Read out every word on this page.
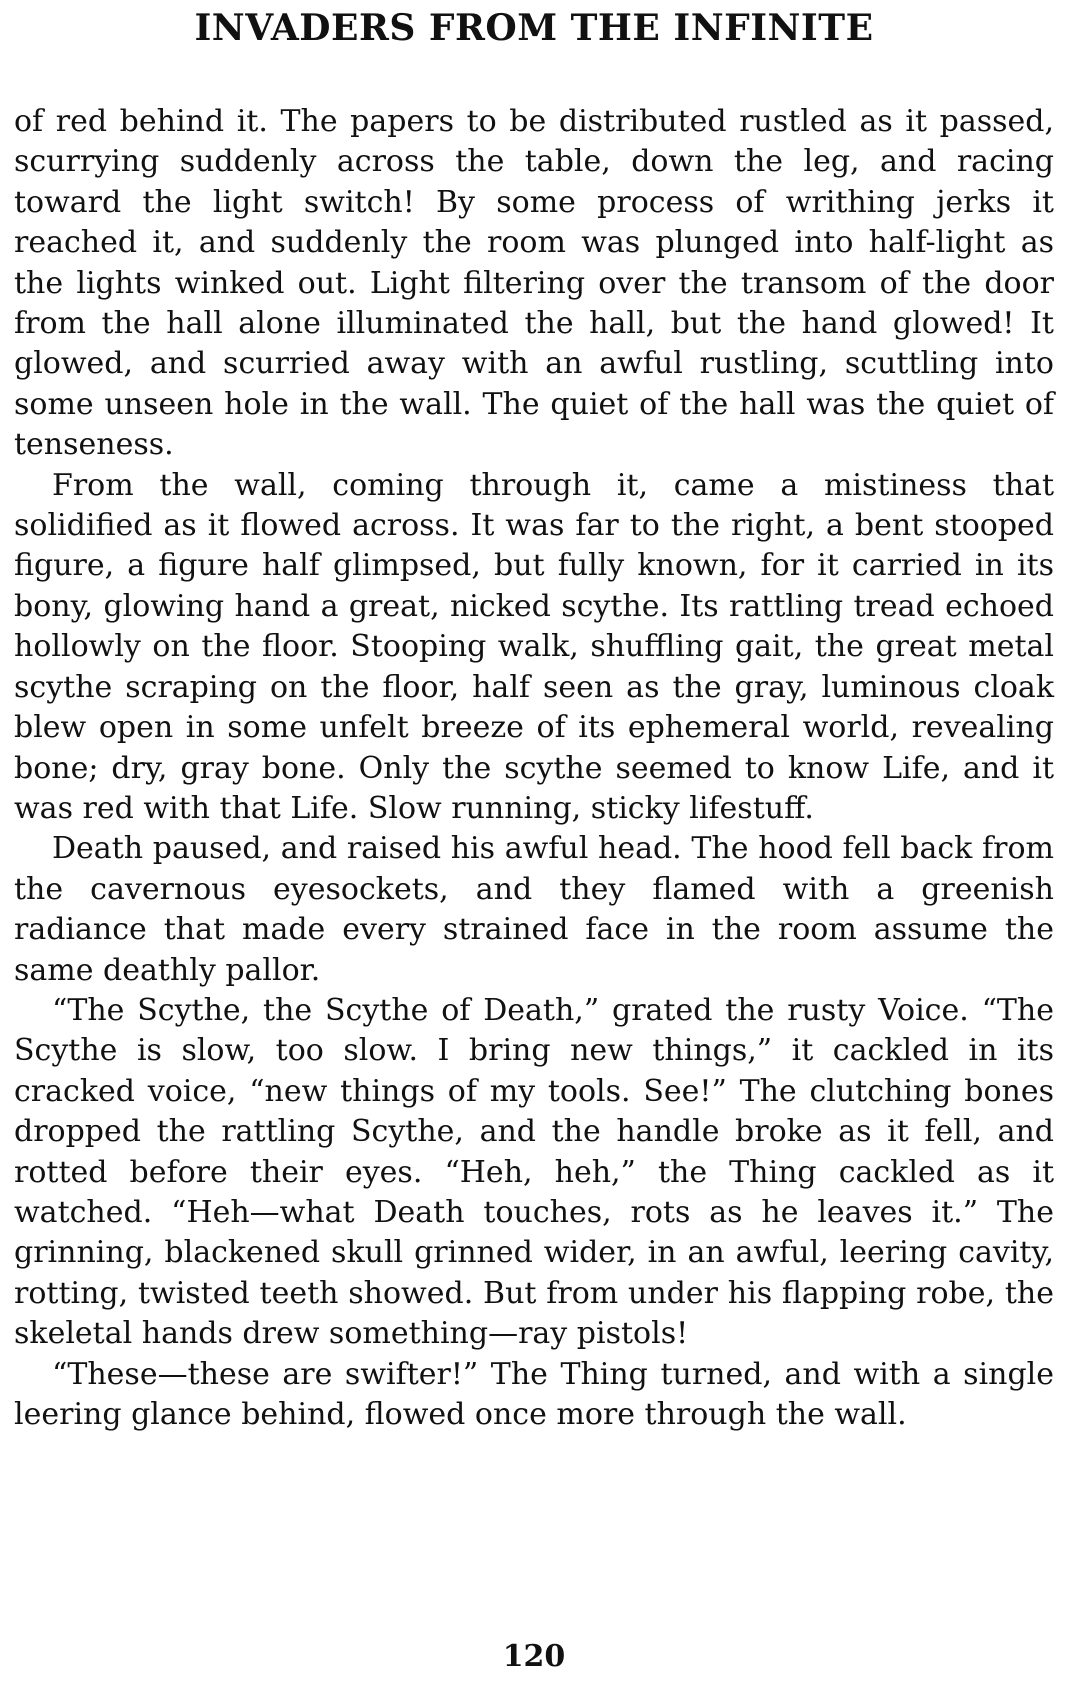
INVADERS FROM THE INFINITE

of red behind it. The papers to be distributed rustled as it passed, scurrying suddenly across the table, down the leg, and racing toward the light switch! By some process of writhing jerks it reached it, and suddenly the room was plunged into half-light as the lights winked out. Light filtering over the transom of the door from the hall alone illuminated the hall, but the hand glowed! It glowed, and scurried away with an awful rustling, scuttling into some unseen hole in the wall. The quiet of the hall was the quiet of tenseness.

From the wall, coming through it, came a mistiness that solidified as it flowed across. It was far to the right, a bent stooped figure, a figure half glimpsed, but fully known, for it carried in its bony, glowing hand a great, nicked scythe. Its rattling tread echoed hollowly on the floor. Stooping walk, shuffling gait, the great metal scythe scraping on the floor, half seen as the gray, luminous cloak blew open in some unfelt breeze of its ephemeral world, revealing bone; dry, gray bone. Only the scythe seemed to know Life, and it was red with that Life. Slow running, sticky lifestuff.

Death paused, and raised his awful head. The hood fell back from the cavernous eyesockets, and they flamed with a greenish radiance that made every strained face in the room assume the same deathly pallor.

“The Scythe, the Scythe of Death,” grated the rusty Voice. “The Scythe is slow, too slow. I bring new things,” it cackled in its cracked voice, “new things of my tools. See!” The clutching bones dropped the rattling Scythe, and the handle broke as it fell, and rotted before their eyes. “Heh, heh,” the Thing cackled as it watched. “Heh—what Death touches, rots as he leaves it.” The grinning, blackened skull grinned wider, in an awful, leering cavity, rotting, twisted teeth showed. But from under his flapping robe, the skeletal hands drew something—ray pistols!

“These—these are swifter!” The Thing turned, and with a single leering glance behind, flowed once more through the wall.

120
